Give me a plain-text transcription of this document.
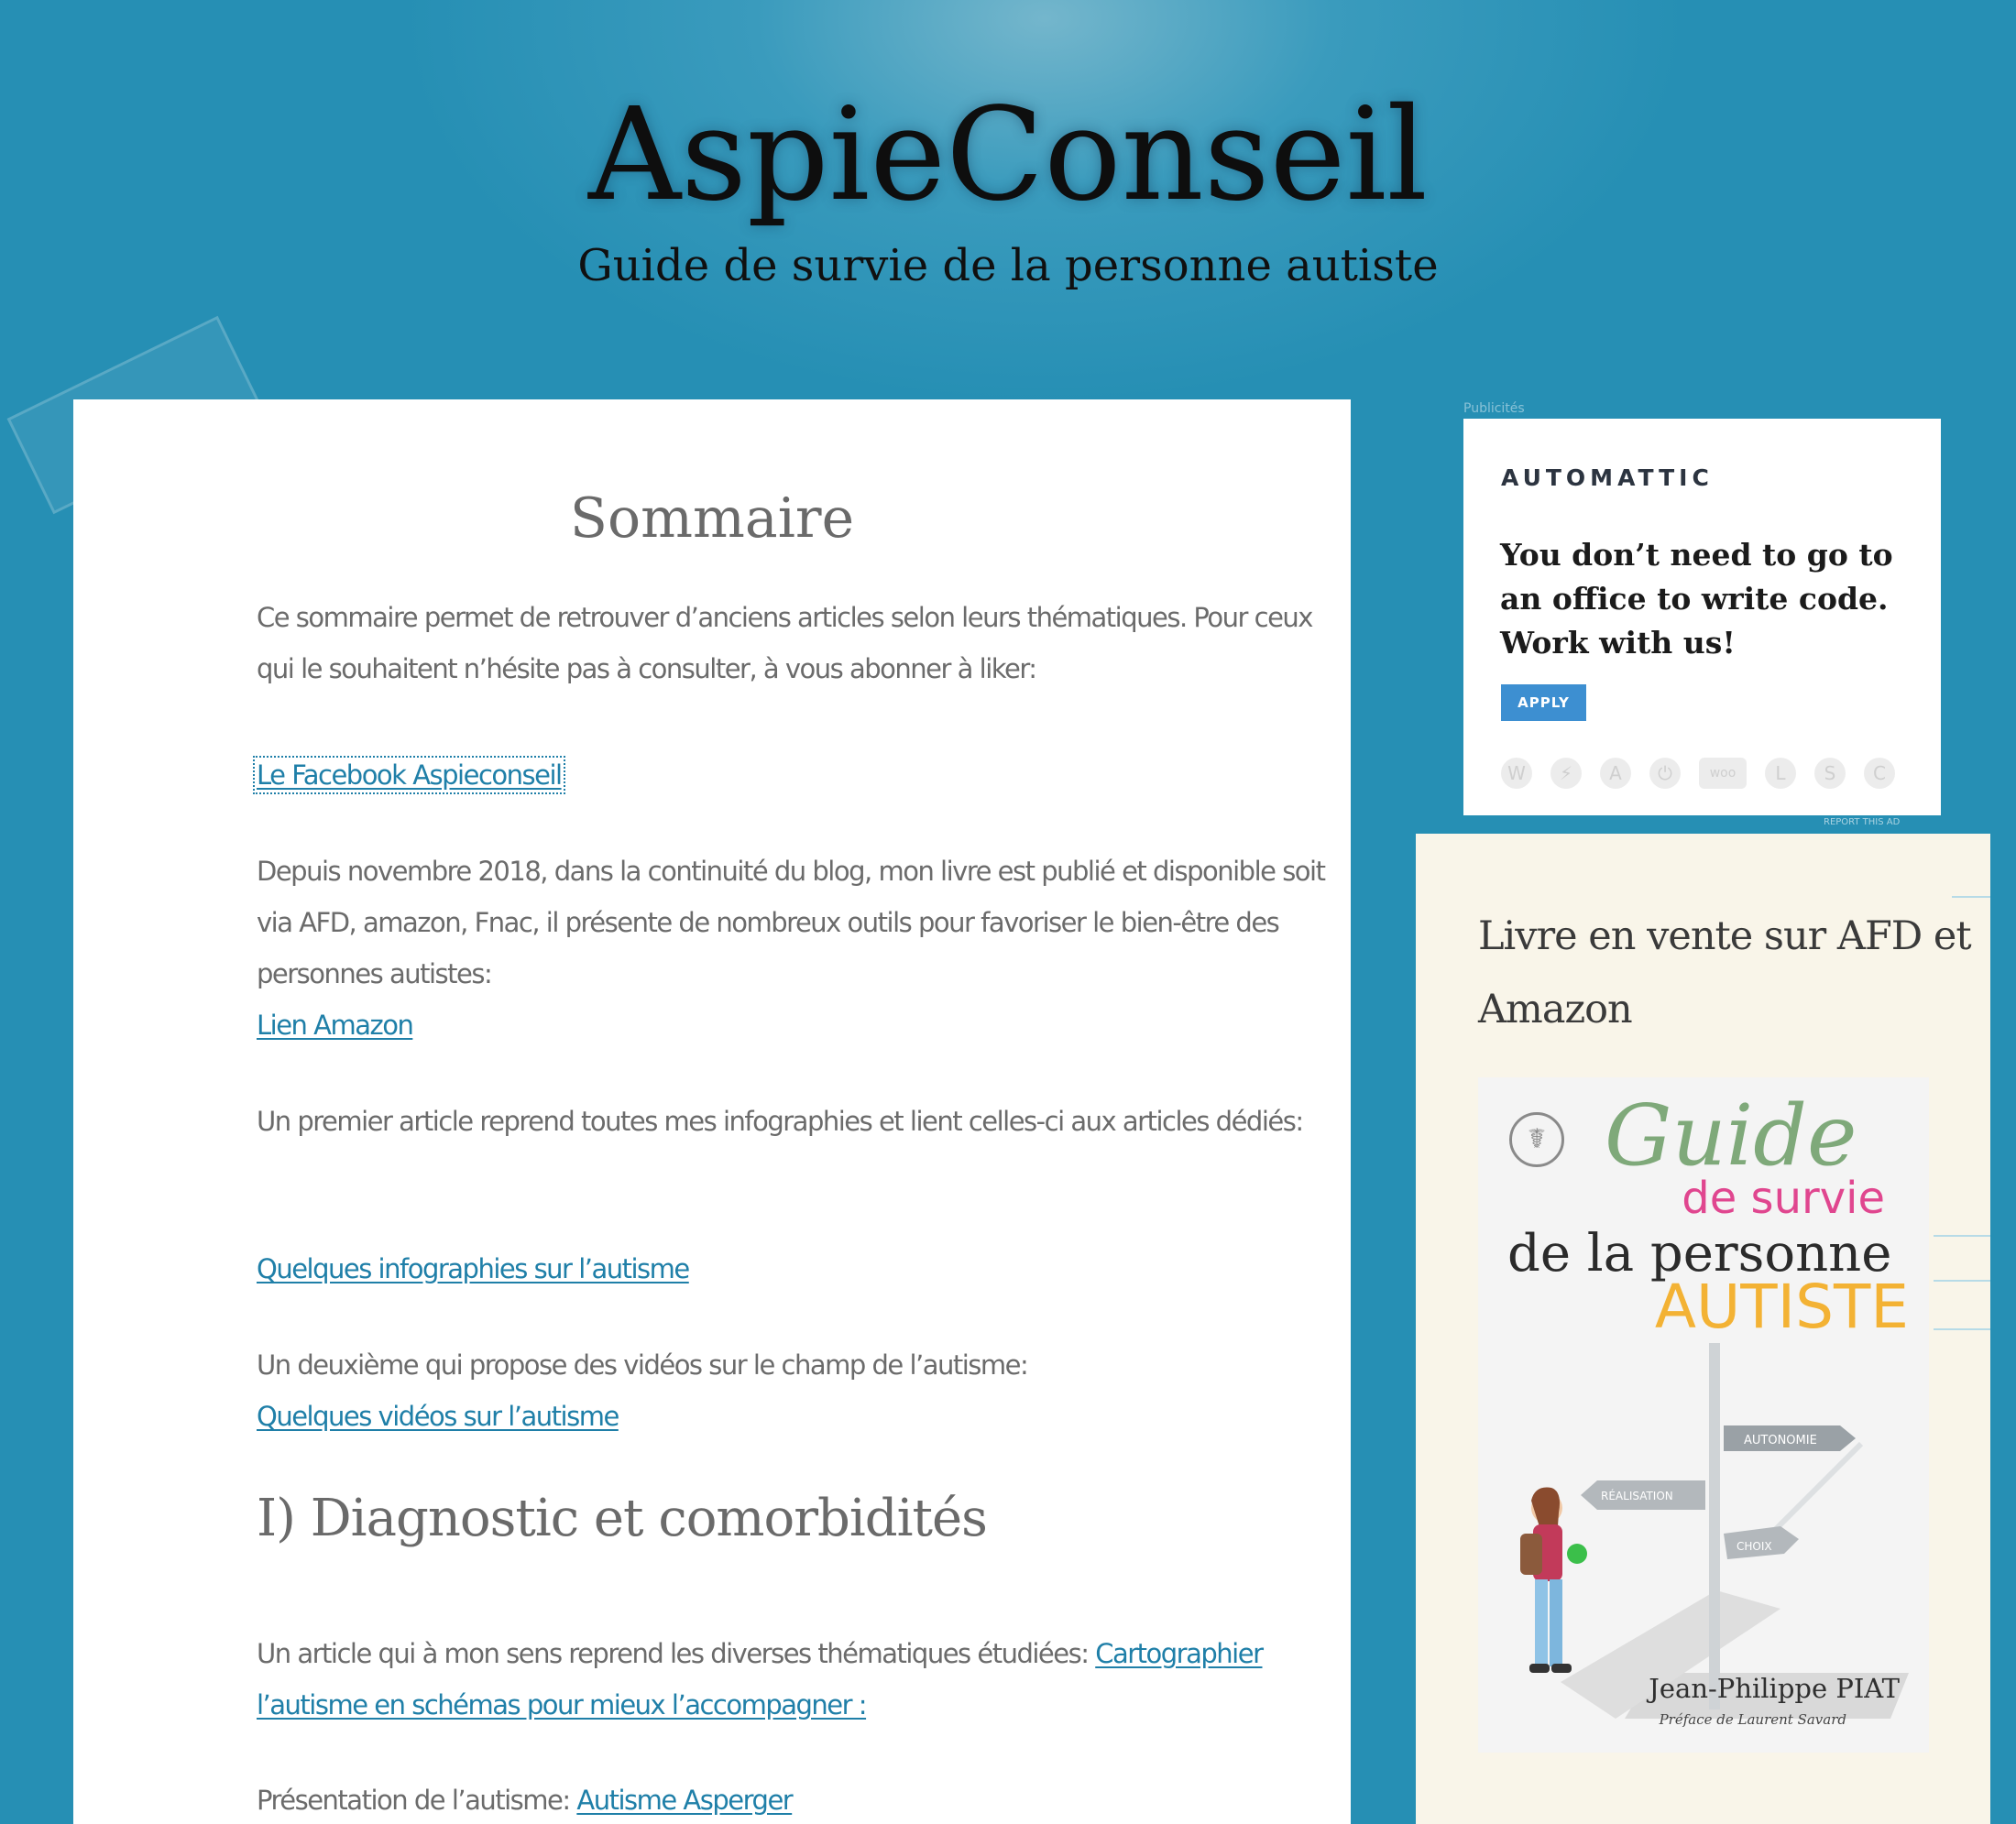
AspieConseil

Guide de survie de la personne autiste

Sommaire

Ce sommaire permet de retrouver d’anciens articles selon leurs thématiques. Pour ceux qui le souhaitent n’hésite pas à consulter, à vous abonner à liker:

Le Facebook Aspieconseil

Depuis novembre 2018, dans la continuité du blog, mon livre est publié et disponible soit via AFD, amazon, Fnac, il présente de nombreux outils pour favoriser le bien-être des personnes autistes:

Lien Amazon

Un premier article reprend toutes mes infographies et lient celles-ci aux articles dédiés:

Quelques infographies sur l’autisme

Un deuxième qui propose des vidéos sur le champ de l’autisme:

Quelques vidéos sur l’autisme

I) Diagnostic et comorbidités

Un article qui à mon sens reprend les diverses thématiques étudiées: Cartographier l’autisme en schémas pour mieux l’accompagner :

Présentation de l’autisme: Autisme Asperger

Publicités
AUTOMATTIC

You don’t need to go to an office to write code. Work with us!

APPLY
W	⚡	A	⏻	woo	L	S	C
REPORT THIS AD
Livre en vente sur AFD et Amazon
AUTONOMIE
RÉALISATION
CHOIX
☤ Guide
de survie
de la personne
AUTISTE
Jean-Philippe PIAT
Préface de Laurent Savard
